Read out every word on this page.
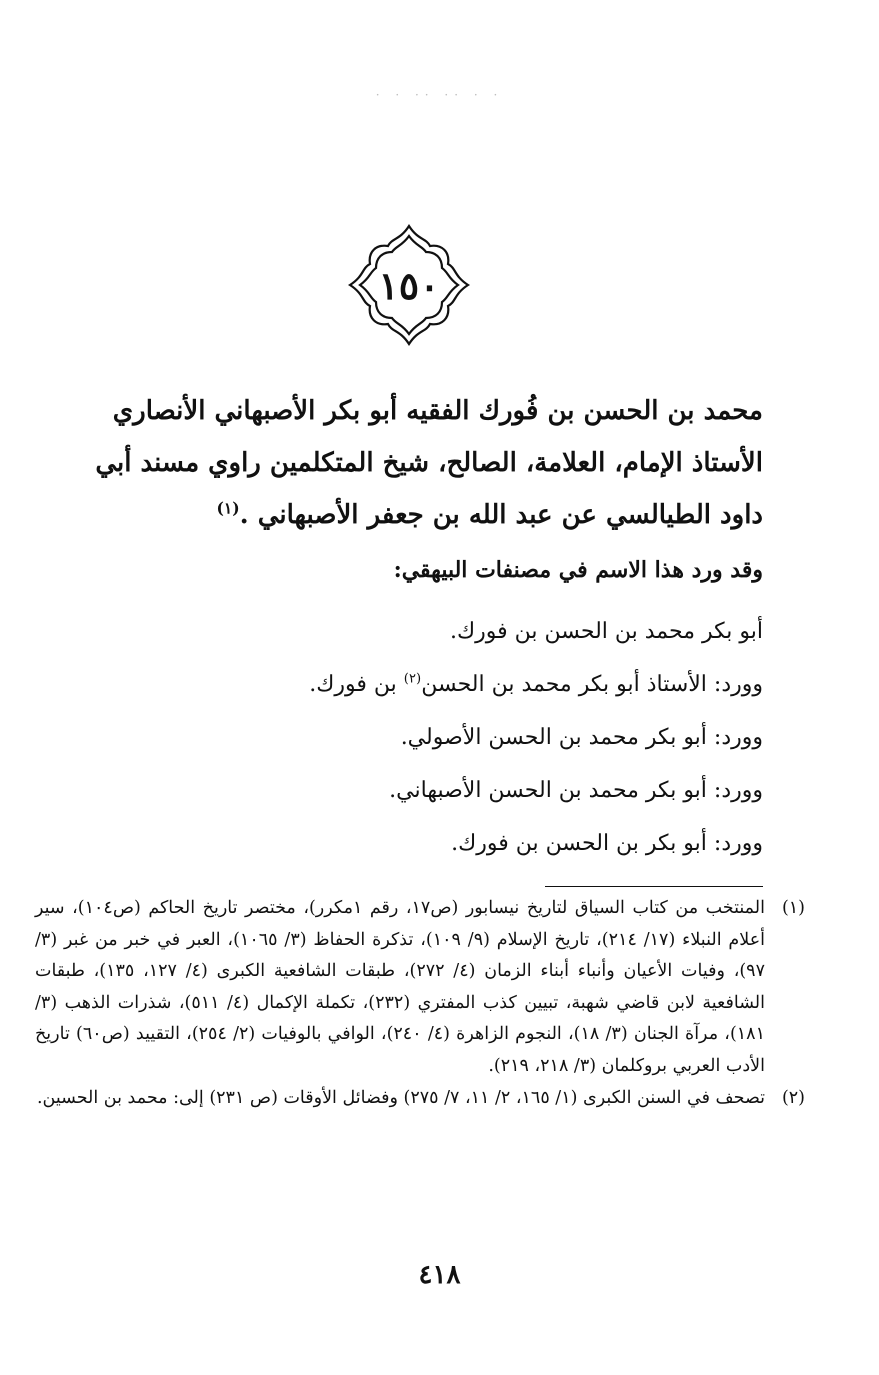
· · ·· ·· · ·
١٥٠
محمد بن الحسن بن فُورك الفقيه أبو بكر الأصبهاني الأنصاري الأستاذ الإمام، العلامة، الصالح، شيخ المتكلمين راوي مسند أبي داود الطيالسي عن عبد الله بن جعفر الأصبهاني .$^{(١)}$
وقد ورد هذا الاسم في مصنفات البيهقي:
أبو بكر محمد بن الحسن بن فورك.
وورد: الأستاذ أبو بكر محمد بن الحسن$^{(٢)}$ بن فورك.
وورد: أبو بكر محمد بن الحسن الأصولي.
وورد: أبو بكر محمد بن الحسن الأصبهاني.
وورد: أبو بكر بن الحسن بن فورك.

(١)
المنتخب من كتاب السياق لتاريخ نيسابور (ص١٧، رقم ١مكرر)، مختصر تاريخ الحاكم (ص١٠٤)، سير أعلام النبلاء (١٧/ ٢١٤)، تاريخ الإسلام (٩/ ١٠٩)، تذكرة الحفاظ (٣/ ١٠٦٥)، العبر في خبر من غبر (٣/ ٩٧)، وفيات الأعيان وأنباء أبناء الزمان (٤/ ٢٧٢)، طبقات الشافعية الكبرى (٤/ ١٢٧، ١٣٥)، طبقات الشافعية لابن قاضي شهبة، تبيين كذب المفتري (٢٣٢)، تكملة الإكمال (٤/ ٥١١)، شذرات الذهب (٣/ ١٨١)، مرآة الجنان (٣/ ١٨)، النجوم الزاهرة (٤/ ٢٤٠)، الوافي بالوفيات (٢/ ٢٥٤)، التقييد (ص٦٠) تاريخ الأدب العربي بروكلمان (٣/ ٢١٨، ٢١٩).

(٢)
تصحف في السنن الكبرى (١/ ١٦٥، ٢/ ١١، ٧/ ٢٧٥) وفضائل الأوقات (ص ٢٣١) إلى: محمد بن الحسين.

٤١٨
